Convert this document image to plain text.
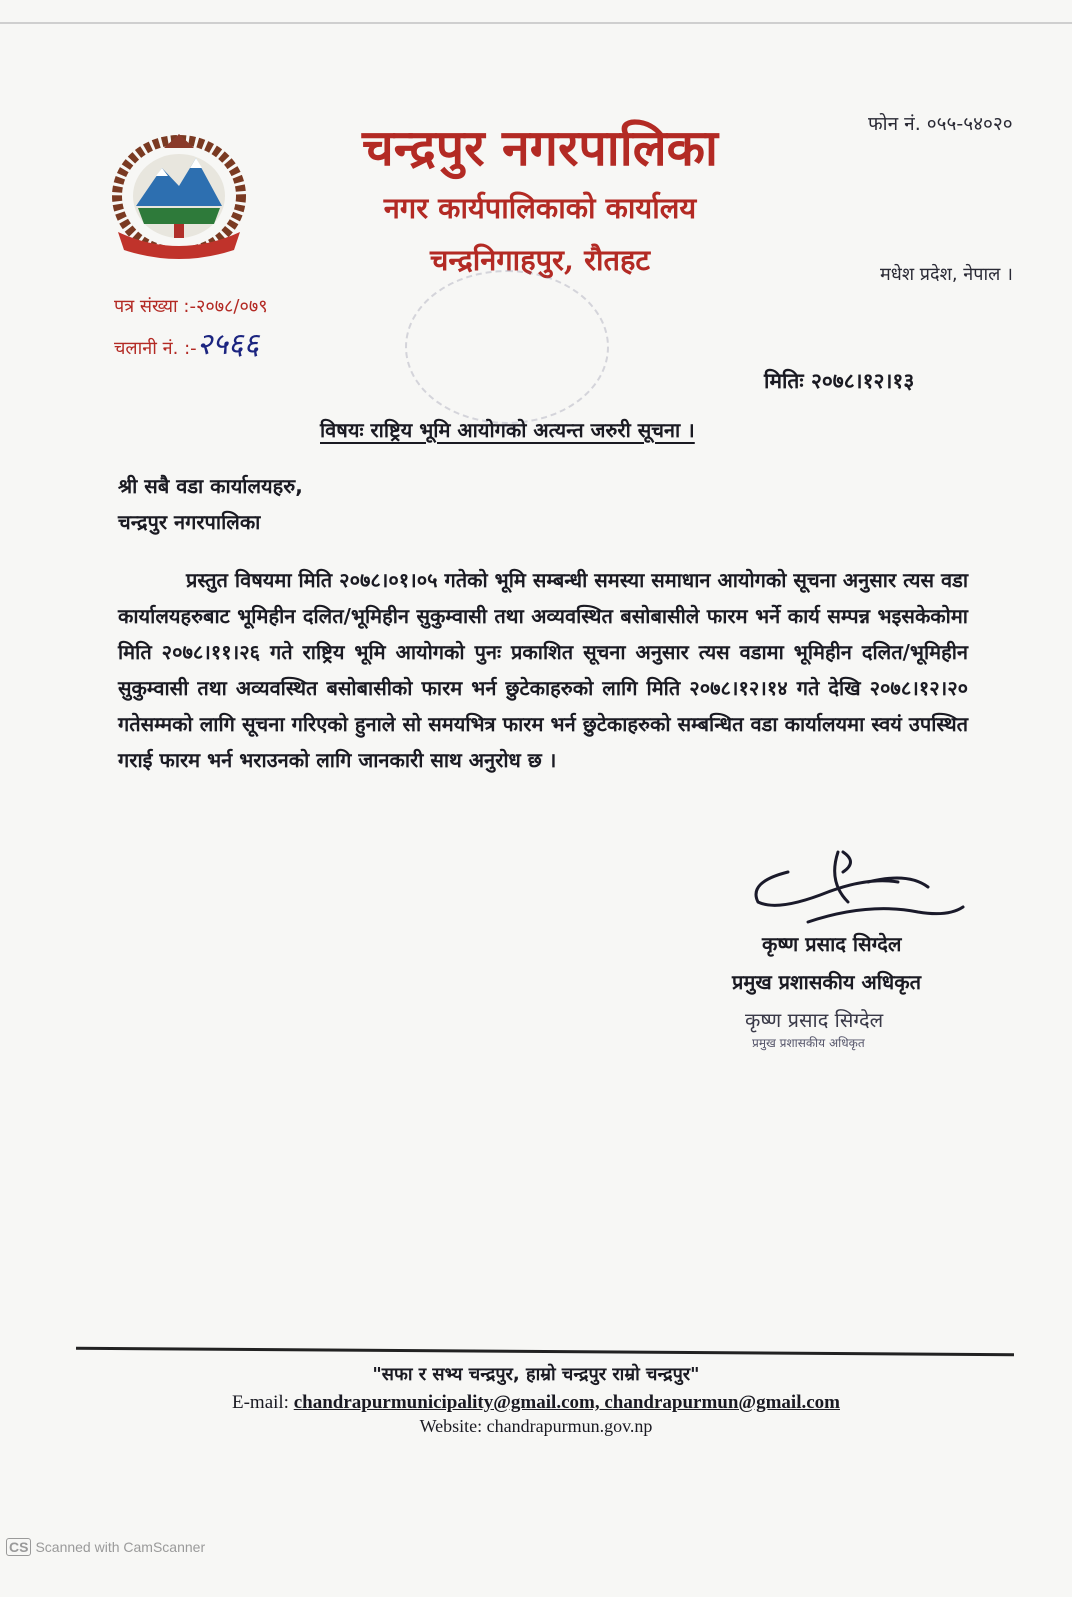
चन्द्रपुर नगरपालिका
नगर कार्यपालिकाको कार्यालय
चन्द्रनिगाहपुर, रौतहट
फोन नं. ०५५-५४०२०
मधेश प्रदेश, नेपाल ।
पत्र संख्या :-२०७८/०७९
चलानी नं. :-२५६६
मितिः २०७८।१२।१३
विषयः राष्ट्रिय भूमि आयोगको अत्यन्त जरुरी सूचना ।
श्री सबै वडा कार्यालयहरु,
चन्द्रपुर नगरपालिका

प्रस्तुत विषयमा मिति २०७८।०१।०५ गतेको भूमि सम्बन्धी समस्या समाधान आयोगको सूचना अनुसार त्यस वडा कार्यालयहरुबाट भूमिहीन दलित/भूमिहीन सुकुम्वासी तथा अव्यवस्थित बसोबासीले फारम भर्ने कार्य सम्पन्न भइसकेकोमा मिति २०७८।११।२६ गते राष्ट्रिय भूमि आयोगको पुनः प्रकाशित सूचना अनुसार त्यस वडामा भूमिहीन दलित/भूमिहीन सुकुम्वासी तथा अव्यवस्थित बसोबासीको फारम भर्न छुटेकाहरुको लागि मिति २०७८।१२।१४ गते देखि २०७८।१२।२० गतेसम्मको लागि सूचना गरिएको हुनाले सो समयभित्र फारम भर्न छुटेकाहरुको सम्बन्धित वडा कार्यालयमा स्वयं उपस्थित गराई फारम भर्न भराउनको लागि जानकारी साथ अनुरोध छ ।

कृष्ण प्रसाद सिग्देल
प्रमुख प्रशासकीय अधिकृत
कृष्ण प्रसाद सिग्देल
प्रमुख प्रशासकीय अधिकृत
"सफा र सभ्य चन्द्रपुर, हाम्रो चन्द्रपुर राम्रो चन्द्रपुर"
E-mail: chandrapurmunicipality@gmail.com, chandrapurmun@gmail.com
Website: chandrapurmun.gov.np
CS Scanned with CamScanner
